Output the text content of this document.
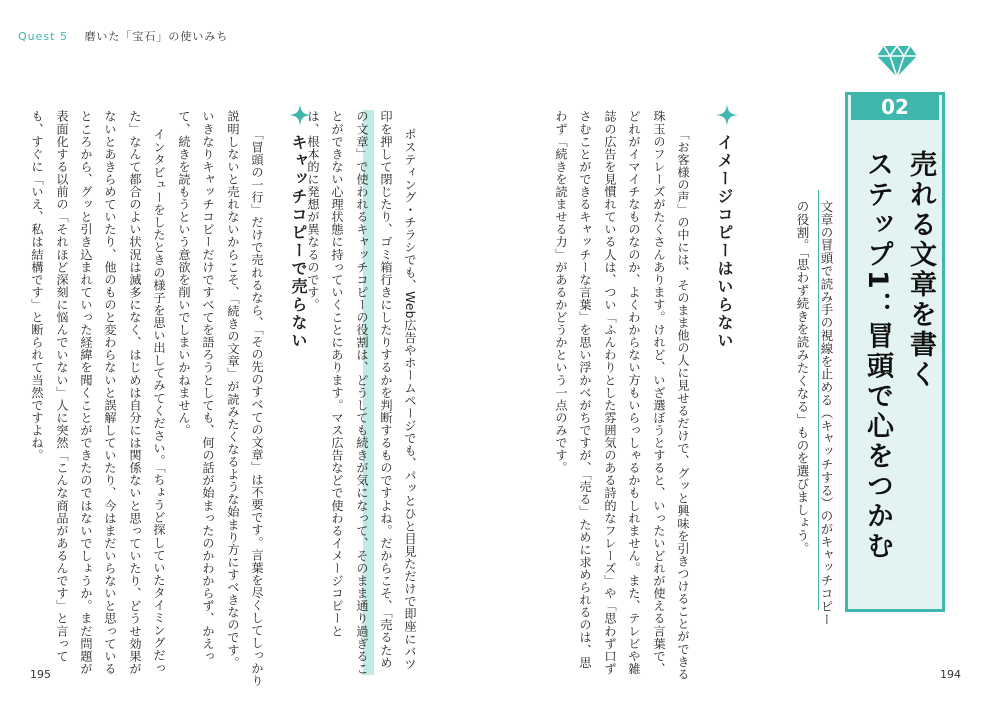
Quest 5 磨いた「宝石」の使いみち
02
売れる文章を書く
ステップ1：冒頭で心をつかむ
文章の冒頭で読み手の視線を止める（キャッチする）のがキャッチコピー
の役割。「思わず続きを読みたくなる」ものを選びましょう。
イメージコピーはいらない
「お客様の声」の中には、そのまま他の人に見せるだけで、グッと興味を引きつけることができる
珠玉のフレーズがたくさんあります。けれど、いざ選ぼうとすると、いったいどれが使える言葉で、
どれがイマイチなものなのか、よくわからない方もいらっしゃるかもしれません。また、テレビや雑
誌の広告を見慣れている人は、つい「ふんわりとした雰囲気のある詩的なフレーズ」や「思わず口ず
さむことができるキャッチーな言葉」を思い浮かべがちですが、「売る」ために求められるのは、思
わず「続きを読ませる力」があるかどうかという一点のみです。
ポスティング・チラシでも、Web広告やホームページでも、パッとひと目見ただけで即座にバツ
印を押して閉じたり、ゴミ箱行きにしたりするかを判断するものですよね。だからこそ、「売るため
の文章」で使われるキャッチコピーの役割は、どうしても続きが気になって、そのまま通り過ぎるこ
とができない心理状態に持っていくことにあります。マス広告などで使わるイメージコピーと
は、根本的に発想が異なるのです。
キャッチコピーで売らない
「冒頭の一行」だけで売れるなら、「その先のすべての文章」は不要です。言葉を尽くしてしっかり
説明しないと売れないからこそ、「続きの文章」が読みたくなるような始まり方にすべきなのです。
いきなりキャッチコピーだけですべてを語ろうとしても、何の話が始まったのかわからず、かえっ
て、続きを読もうという意欲を削いでしまいかねません。
インタビューをしたときの様子を思い出してみてください。「ちょうど探していたタイミングだっ
た」なんて都合のよい状況は滅多になく、はじめは自分には関係ないと思っていたり、どうせ効果が
ないとあきらめていたり、他のものと変わらないと誤解していたり、今はまだいらないと思っている
ところから、グッと引き込まれていった経緯を聞くことができたのではないでしょうか。まだ問題が
表面化する以前の「それほど深刻に悩んでいない」人に突然「こんな商品があるんです」と言って
も、すぐに「いえ、私は結構です」と断られて当然ですよね。
195	194
